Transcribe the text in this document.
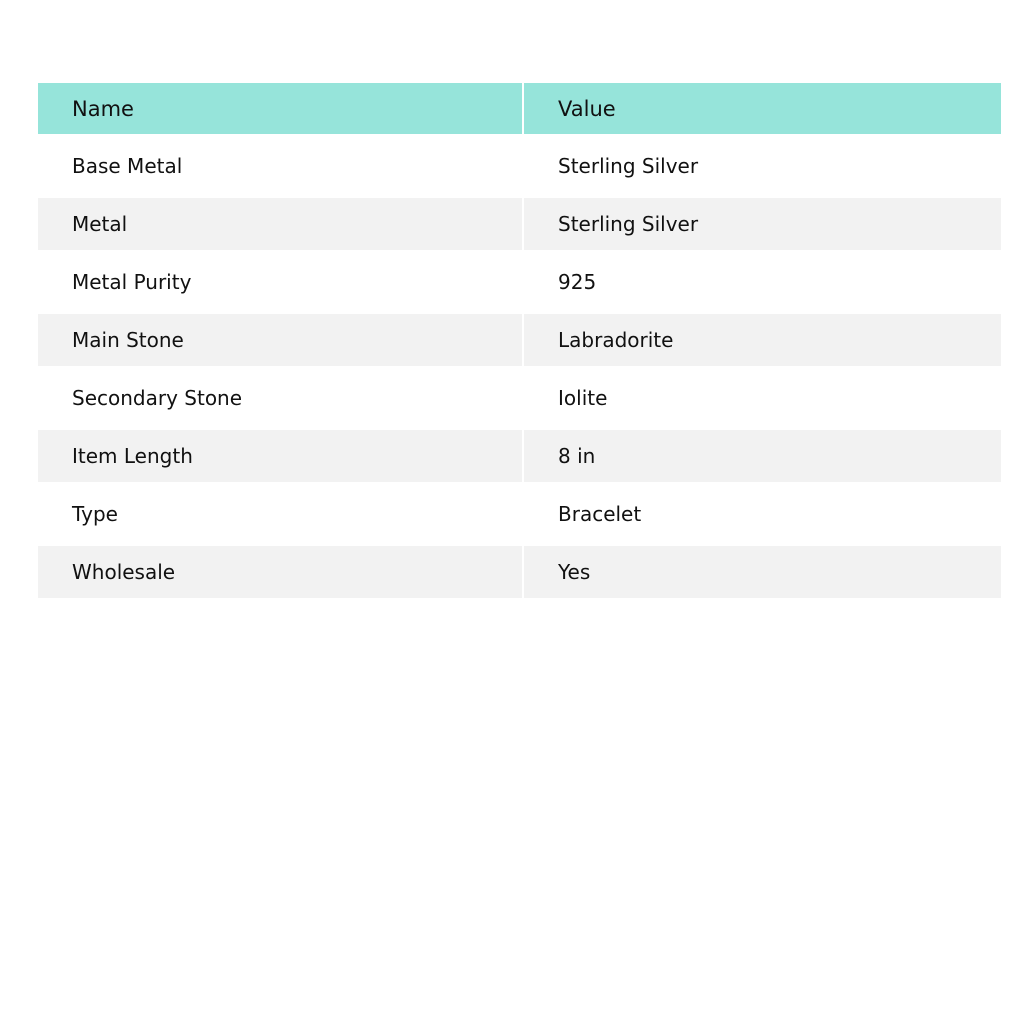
Name	Value
Base Metal	Sterling Silver
Metal	Sterling Silver
Metal Purity	925
Main Stone	Labradorite
Secondary Stone	Iolite
Item Length	8 in
Type	Bracelet
Wholesale	Yes
